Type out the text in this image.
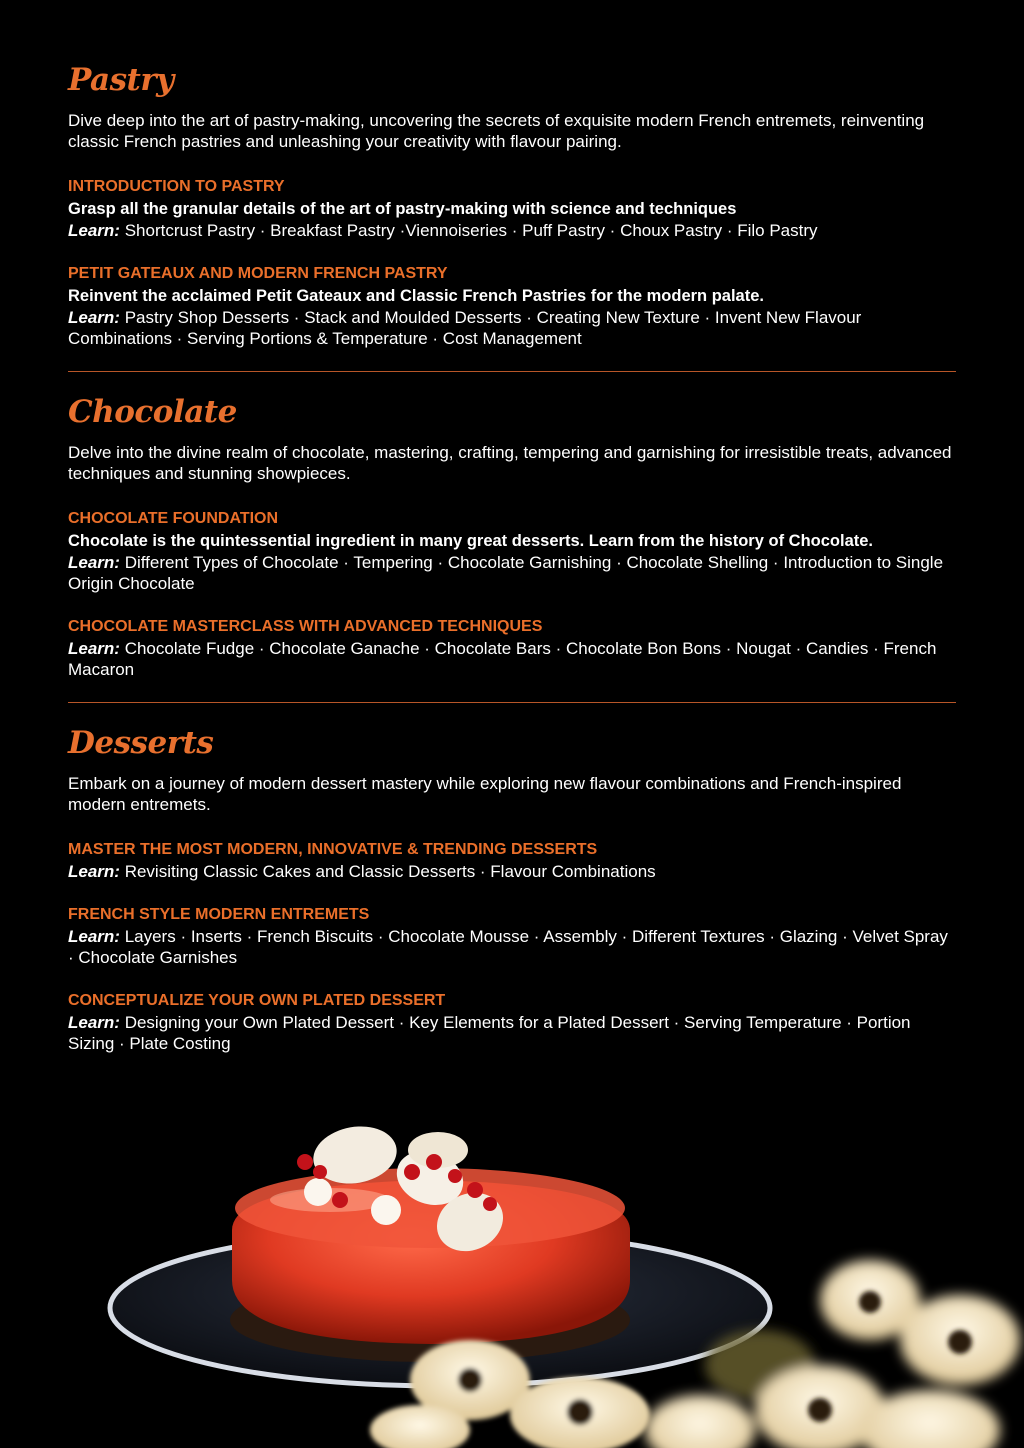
Pastry

Dive deep into the art of pastry-making, uncovering the secrets of exquisite modern French entremets, reinventing classic French pastries and unleashing your creativity with flavour pairing.

INTRODUCTION TO PASTRY

Grasp all the granular details of the art of pastry-making with science and techniques

Learn: Shortcrust Pastry · Breakfast Pastry ·Viennoiseries · Puff Pastry · Choux Pastry · Filo Pastry

PETIT GATEAUX AND MODERN FRENCH PASTRY

Reinvent the acclaimed Petit Gateaux and Classic French Pastries for the modern palate.

Learn: Pastry Shop Desserts · Stack and Moulded Desserts · Creating New Texture · Invent New Flavour Combinations · Serving Portions & Temperature · Cost Management

Chocolate

Delve into the divine realm of chocolate, mastering, crafting, tempering and garnishing for irresistible treats, advanced techniques and stunning showpieces.

CHOCOLATE FOUNDATION

Chocolate is the quintessential ingredient in many great desserts. Learn from the history of Chocolate.

Learn: Different Types of Chocolate · Tempering · Chocolate Garnishing · Chocolate Shelling · Introduction to Single Origin Chocolate

CHOCOLATE MASTERCLASS WITH ADVANCED TECHNIQUES

Learn: Chocolate Fudge · Chocolate Ganache · Chocolate Bars · Chocolate Bon Bons · Nougat · Candies · French Macaron

Desserts

Embark on a journey of modern dessert mastery while exploring new flavour combinations and French-inspired modern entremets.

MASTER THE MOST MODERN, INNOVATIVE & TRENDING DESSERTS

Learn: Revisiting Classic Cakes and Classic Desserts · Flavour Combinations

FRENCH STYLE MODERN ENTREMETS

Learn: Layers · Inserts · French Biscuits · Chocolate Mousse · Assembly · Different Textures · Glazing · Velvet Spray · Chocolate Garnishes

CONCEPTUALIZE YOUR OWN PLATED DESSERT

Learn: Designing your Own Plated Dessert · Key Elements for a Plated Dessert · Serving Temperature · Portion Sizing · Plate Costing
